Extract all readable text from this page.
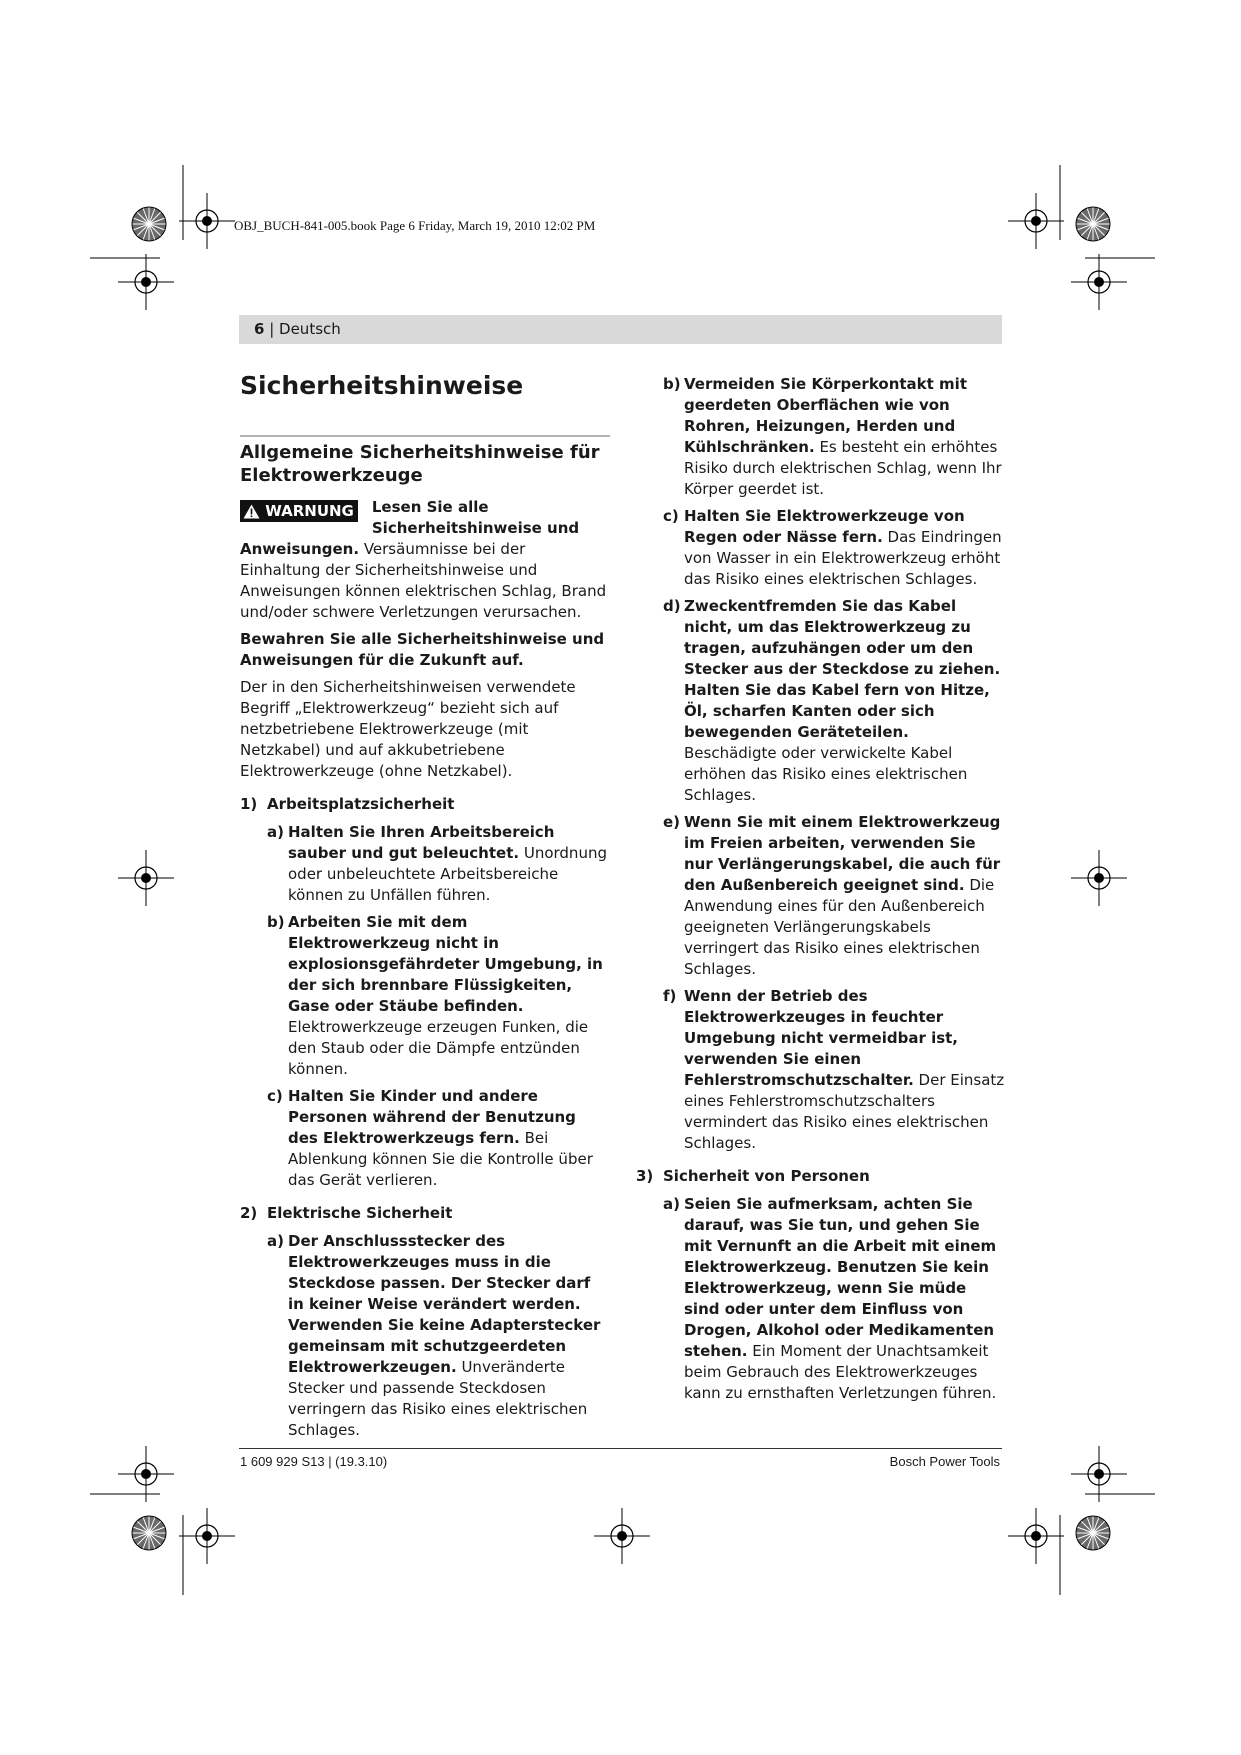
OBJ_BUCH-841-005.book Page 6 Friday, March 19, 2010 12:02 PM
6 | Deutsch
Sicherheitshinweise
Allgemeine Sicherheitshinweise für Elektrowerkzeuge
WARNUNG Lesen Sie alle Sicherheitshinweise und Anweisungen. Versäumnisse bei der Einhaltung der Sicherheitshinweise und Anweisungen können elektrischen Schlag, Brand und/oder schwere Verletzungen verursachen.

Bewahren Sie alle Sicherheitshinweise und Anweisungen für die Zukunft auf.

Der in den Sicherheitshinweisen verwendete Begriff „Elektrowerkzeug“ bezieht sich auf netzbetriebene Elektrowerkzeuge (mit Netzkabel) und auf akkubetriebene Elektrowerkzeuge (ohne Netzkabel).

1) Arbeitsplatzsicherheit
a) Halten Sie Ihren Arbeitsbereich sauber und gut beleuchtet. Unordnung oder unbeleuchtete Arbeitsbereiche können zu Unfällen führen.
b) Arbeiten Sie mit dem Elektrowerkzeug nicht in explosionsgefährdeter Umgebung, in der sich brennbare Flüssigkeiten, Gase oder Stäube befinden. Elektrowerkzeuge erzeugen Funken, die den Staub oder die Dämpfe entzünden können.
c) Halten Sie Kinder und andere Personen während der Benutzung des Elektrowerkzeugs fern. Bei Ablenkung können Sie die Kontrolle über das Gerät verlieren.
2) Elektrische Sicherheit
a) Der Anschlussstecker des Elektrowerkzeuges muss in die Steckdose passen. Der Stecker darf in keiner Weise verändert werden. Verwenden Sie keine Adapterstecker gemeinsam mit schutzgeerdeten Elektrowerkzeugen. Unveränderte Stecker und passende Steckdosen verringern das Risiko eines elektrischen Schlages.
b) Vermeiden Sie Körperkontakt mit geerdeten Oberflächen wie von Rohren, Heizungen, Herden und Kühlschränken. Es besteht ein erhöhtes Risiko durch elektrischen Schlag, wenn Ihr Körper geerdet ist.
c) Halten Sie Elektrowerkzeuge von Regen oder Nässe fern. Das Eindringen von Wasser in ein Elektrowerkzeug erhöht das Risiko eines elektrischen Schlages.
d) Zweckentfremden Sie das Kabel nicht, um das Elektrowerkzeug zu tragen, aufzuhängen oder um den Stecker aus der Steckdose zu ziehen. Halten Sie das Kabel fern von Hitze, Öl, scharfen Kanten oder sich bewegenden Geräteteilen. Beschädigte oder verwickelte Kabel erhöhen das Risiko eines elektrischen Schlages.
e) Wenn Sie mit einem Elektrowerkzeug im Freien arbeiten, verwenden Sie nur Verlängerungskabel, die auch für den Außenbereich geeignet sind. Die Anwendung eines für den Außenbereich geeigneten Verlängerungskabels verringert das Risiko eines elektrischen Schlages.
f) Wenn der Betrieb des Elektrowerkzeuges in feuchter Umgebung nicht vermeidbar ist, verwenden Sie einen Fehlerstromschutzschalter. Der Einsatz eines Fehlerstromschutzschalters vermindert das Risiko eines elektrischen Schlages.
3) Sicherheit von Personen
a) Seien Sie aufmerksam, achten Sie darauf, was Sie tun, und gehen Sie mit Vernunft an die Arbeit mit einem Elektrowerkzeug. Benutzen Sie kein Elektrowerkzeug, wenn Sie müde sind oder unter dem Einfluss von Drogen, Alkohol oder Medikamenten stehen. Ein Moment der Unachtsamkeit beim Gebrauch des Elektrowerkzeuges kann zu ernsthaften Verletzungen führen.
1 609 929 S13 | (19.3.10)	Bosch Power Tools
